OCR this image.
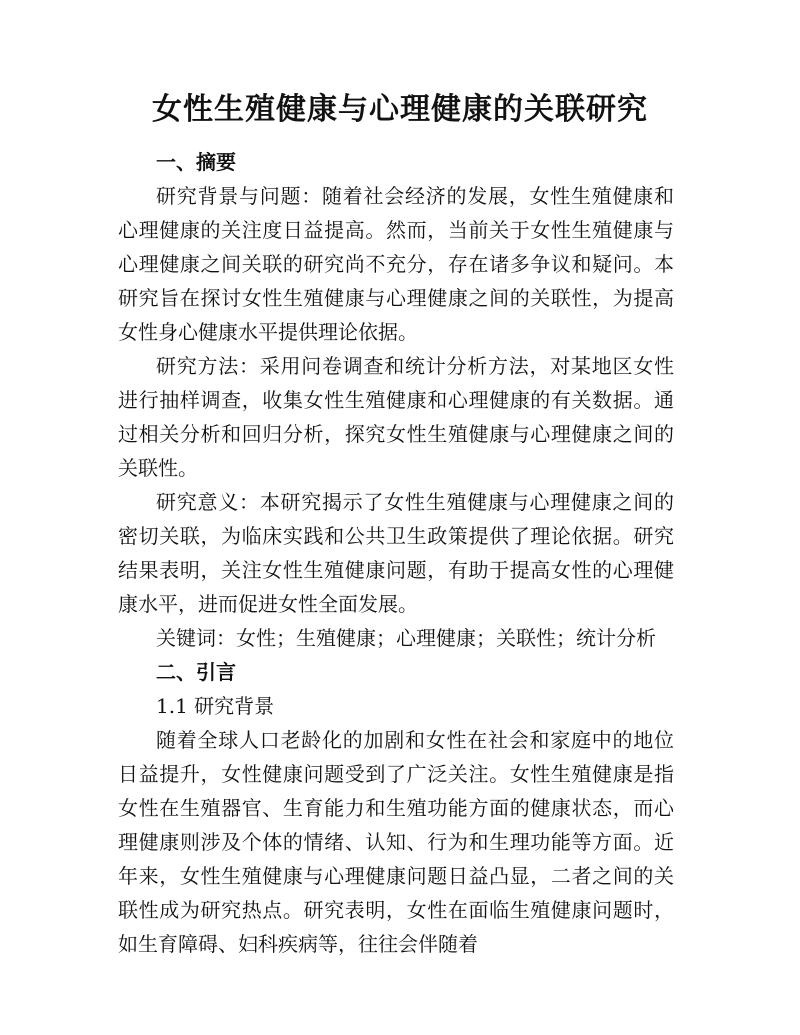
女性生殖健康与心理健康的关联研究

一、摘要

研究背景与问题：随着社会经济的发展，女性生殖健康和心理健康的关注度日益提高。然而，当前关于女性生殖健康与心理健康之间关联的研究尚不充分，存在诸多争议和疑问。本研究旨在探讨女性生殖健康与心理健康之间的关联性，为提高女性身心健康水平提供理论依据。

研究方法：采用问卷调查和统计分析方法，对某地区女性进行抽样调查，收集女性生殖健康和心理健康的有关数据。通过相关分析和回归分析，探究女性生殖健康与心理健康之间的关联性。

研究意义：本研究揭示了女性生殖健康与心理健康之间的密切关联，为临床实践和公共卫生政策提供了理论依据。研究结果表明，关注女性生殖健康问题，有助于提高女性的心理健康水平，进而促进女性全面发展。

关键词：女性；生殖健康；心理健康；关联性；统计分析

二、引言

1.1 研究背景

随着全球人口老龄化的加剧和女性在社会和家庭中的地位日益提升，女性健康问题受到了广泛关注。女性生殖健康是指女性在生殖器官、生育能力和生殖功能方面的健康状态，而心理健康则涉及个体的情绪、认知、行为和生理功能等方面。近年来，女性生殖健康与心理健康问题日益凸显，二者之间的关联性成为研究热点。研究表明，女性在面临生殖健康问题时，如生育障碍、妇科疾病等，往往会伴随着
